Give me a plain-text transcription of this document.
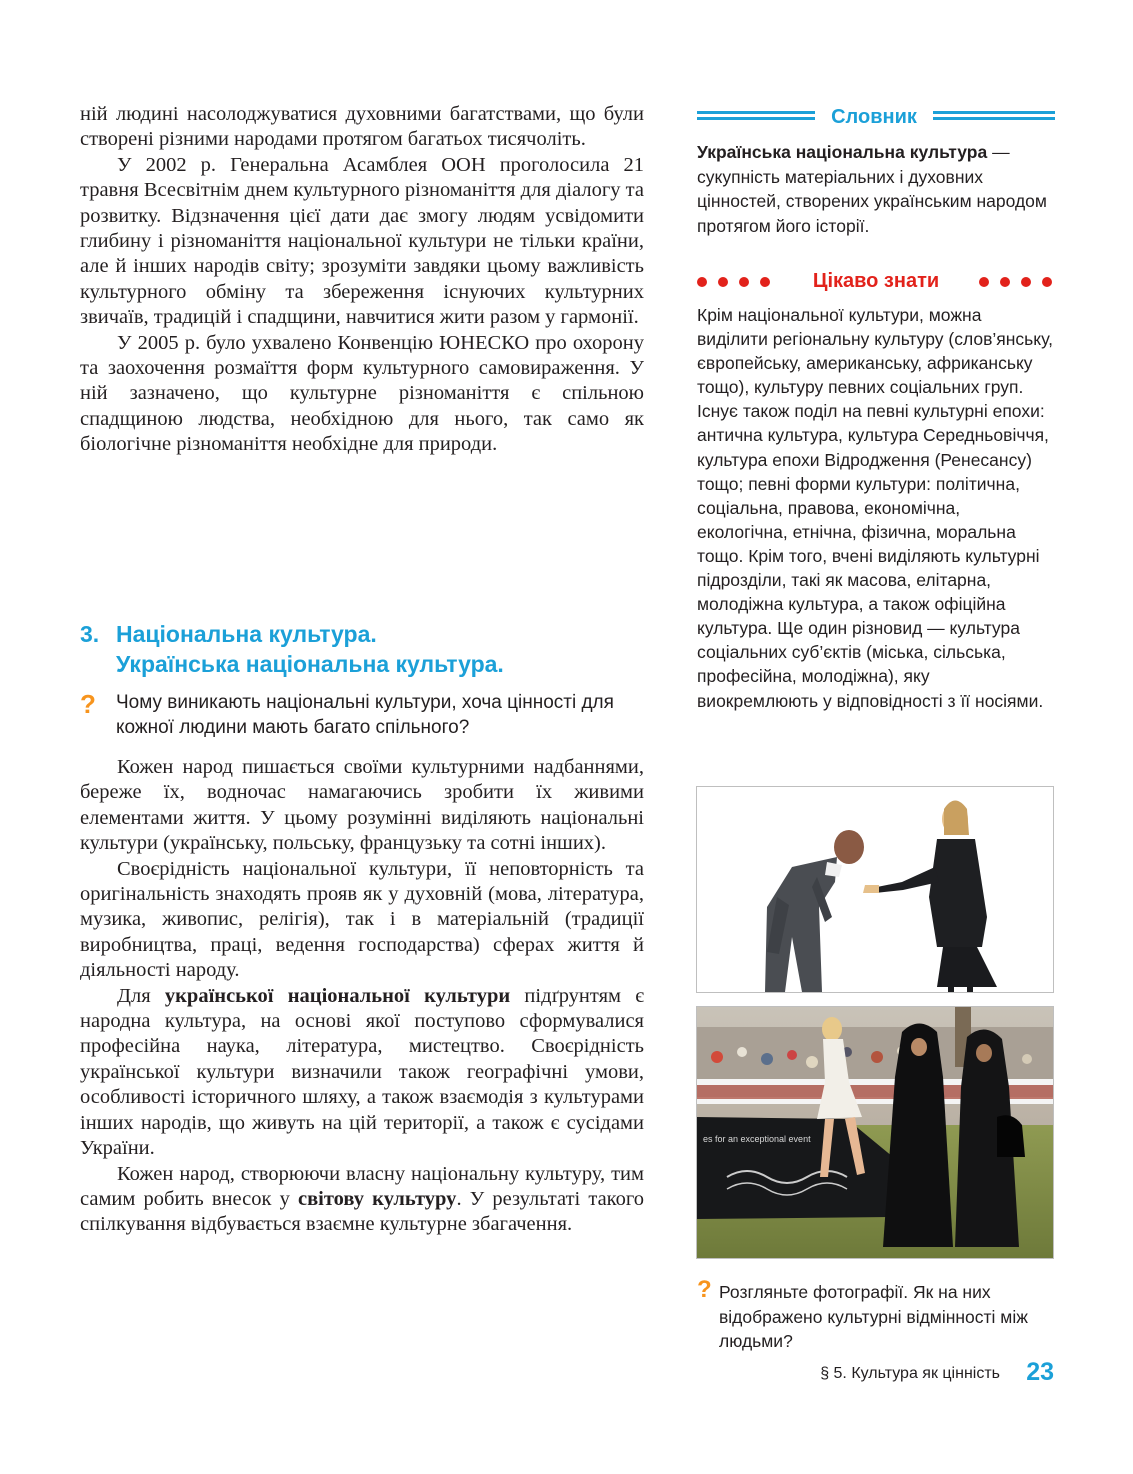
ній людині насолоджуватися духовними багатствами, що були створені різними народами протягом багатьох тисячоліть.

У 2002 р. Генеральна Асамблея ООН проголосила 21 травня Всесвітнім днем культурного різноманіття для діалогу та розвитку. Відзначення цієї дати дає змогу людям усвідомити глибину і різноманіття національної культури не тільки країни, але й інших народів світу; зрозуміти завдяки цьому важливість культурного обміну та збереження існуючих культурних звичаїв, традицій і спадщини, навчитися жити разом у гармонії.

У 2005 р. було ухвалено Конвенцію ЮНЕСКО про охорону та заохочення розмаїття форм культурного самовираження. У ній зазначено, що культурне різноманіття є спільною спадщиною людства, необхідною для нього, так само як біологічне різноманіття необхідне для природи.

3. Національна культура.
Українська національна культура.
? Чому виникають національні культури, хоча цінності для кожної людини мають багато спільного?

Кожен народ пишається своїми культурними надбаннями, береже їх, водночас намагаючись зробити їх живими елементами життя. У цьому розумінні виділяють національні культури (українську, польську, французьку та сотні інших).

Своєрідність національної культури, її неповторність та оригінальність знаходять прояв як у духовній (мова, література, музика, живопис, релігія), так і в матеріальній (традиції виробництва, праці, ведення господарства) сферах життя й діяльності народу.

Для української національної культури підґрунтям є народна культура, на основі якої поступово сформувалися професійна наука, література, мистецтво. Своєрідність української культури визначили також географічні умови, особливості історичного шляху, а також взаємодія з культурами інших народів, що живуть на цій території, а також є сусідами України.

Кожен народ, створюючи власну національну культуру, тим самим робить внесок у світову культуру. У результаті такого спілкування відбувається взаємне культурне збагачення.

Словник
Українська національна культура — сукупність матеріальних і духовних цінностей, створених українським народом протягом його історії.
Цікаво знати
Крім національної культури, можна виділити регіональну культуру (слов’янську, європейську, американську, африканську тощо), культуру певних соціальних груп. Існує також поділ на певні культурні епохи: антична культура, культура Середньовіччя, культура епохи Відродження (Ренесансу) тощо; певні форми культури: політична, соціальна, правова, економічна, екологічна, етнічна, фізична, моральна тощо. Крім того, вчені виділяють культурні підрозділи, такі як масова, елітарна, молодіжна культура, а також офіційна культура. Ще один різновид — культура соціальних суб’єктів (міська, сільська, професійна, молодіжна), яку виокремлюють у відповідності з її носіями.
es for an exceptional event
? Розгляньте фотографії. Як на них відображено культурні відмінності між людьми?
§ 5. Культура як цінність 23
